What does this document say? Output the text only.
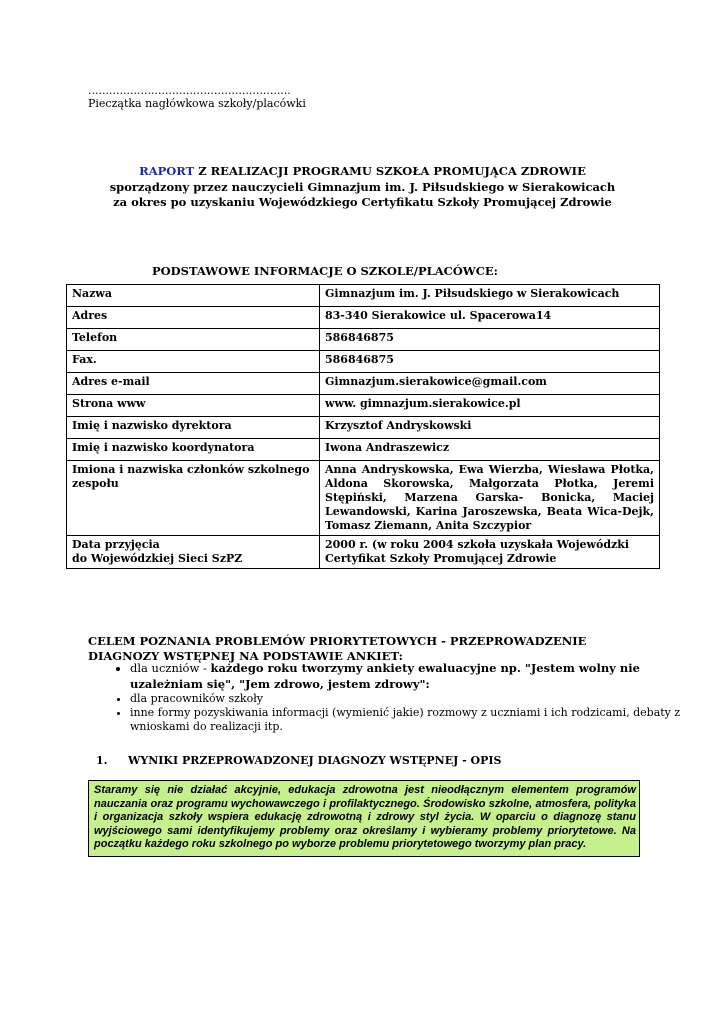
..........................................................
Pieczątka nagłówkowa szkoły/placówki
RAPORT Z REALIZACJI PROGRAMU SZKOŁA PROMUJĄCA ZDROWIE
sporządzony przez nauczycieli Gimnazjum im. J. Piłsudskiego w Sierakowicach
za okres po uzyskaniu Wojewódzkiego Certyfikatu Szkoły Promującej Zdrowie
PODSTAWOWE INFORMACJE O SZKOLE/PLACÓWCE:
Nazwa	Gimnazjum im. J. Piłsudskiego w Sierakowicach
Adres	83-340 Sierakowice ul. Spacerowa14
Telefon	586846875
Fax.	586846875
Adres e-mail	Gimnazjum.sierakowice@gmail.com
Strona www	www. gimnazjum.sierakowice.pl
Imię i nazwisko dyrektora	Krzysztof Andryskowski
Imię i nazwisko koordynatora	Iwona Andraszewicz
Imiona i nazwiska członków szkolnego zespołu	Anna Andryskowska, Ewa Wierzba, Wiesława Płotka, Aldona Skorowska, Małgorzata Płotka, Jeremi Stępiński, Marzena Garska- Bonicka, Maciej Lewandowski, Karina Jaroszewska, Beata Wica-Dejk, Tomasz Ziemann, Anita Szczypior

Data przyjęcia
do Wojewódzkiej Sieci SzPZ	2000 r. (w roku 2004 szkoła uzyskała Wojewódzki Certyfikat Szkoły Promującej Zdrowie
CELEM POZNANIA PROBLEMÓW PRIORYTETOWYCH - PRZEPROWADZENIE DIAGNOZY WSTĘPNEJ NA PODSTAWIE ANKIET:
• dla uczniów - każdego roku tworzymy ankiety ewaluacyjne np. "Jestem wolny nie uzależniam się", "Jem zdrowo, jestem zdrowy":
• dla pracowników szkoły
• inne formy pozyskiwania informacji (wymienić jakie) rozmowy z uczniami i ich rodzicami, debaty z wnioskami do realizacji itp.
1. WYNIKI PRZEPROWADZONEJ DIAGNOZY WSTĘPNEJ - OPIS
Staramy się nie działać akcyjnie, edukacja zdrowotna jest nieodłącznym elementem programów nauczania oraz programu wychowawczego i profilaktycznego. Środowisko szkolne, atmosfera, polityka i organizacja szkoły wspiera edukację zdrowotną i zdrowy styl życia. W oparciu o diagnozę stanu wyjściowego sami identyfikujemy problemy oraz określamy i wybieramy problemy priorytetowe. Na początku każdego roku szkolnego po wyborze problemu priorytetowego tworzymy plan pracy.
